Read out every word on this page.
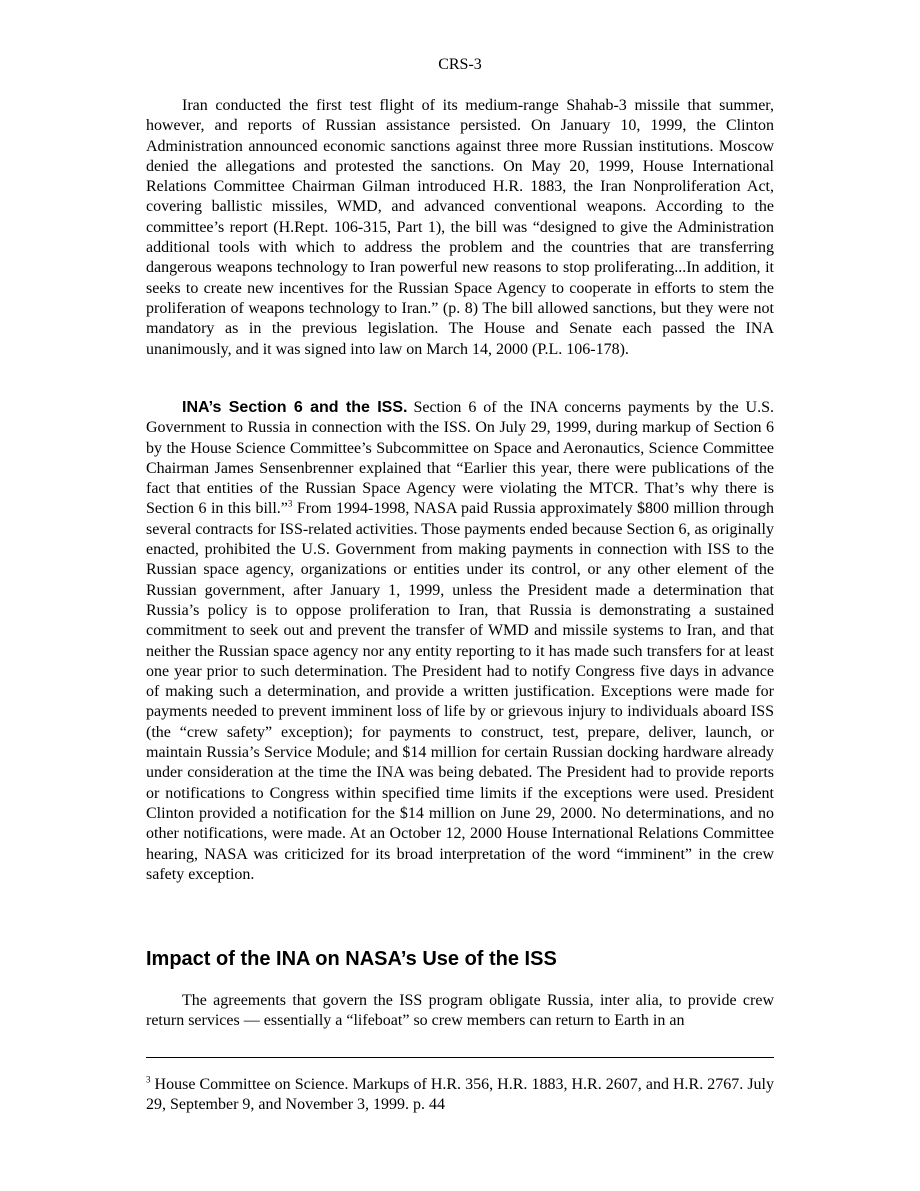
CRS-3

Iran conducted the first test flight of its medium-range Shahab-3 missile that summer, however, and reports of Russian assistance persisted. On January 10, 1999, the Clinton Administration announced economic sanctions against three more Russian institutions. Moscow denied the allegations and protested the sanctions. On May 20, 1999, House International Relations Committee Chairman Gilman introduced H.R. 1883, the Iran Nonproliferation Act, covering ballistic missiles, WMD, and advanced conventional weapons. According to the committee’s report (H.Rept. 106-315, Part 1), the bill was “designed to give the Administration additional tools with which to address the problem and the countries that are transferring dangerous weapons technology to Iran powerful new reasons to stop proliferating...In addition, it seeks to create new incentives for the Russian Space Agency to cooperate in efforts to stem the proliferation of weapons technology to Iran.” (p. 8) The bill allowed sanctions, but they were not mandatory as in the previous legislation. The House and Senate each passed the INA unanimously, and it was signed into law on March 14, 2000 (P.L. 106-178).

INA’s Section 6 and the ISS. Section 6 of the INA concerns payments by the U.S. Government to Russia in connection with the ISS. On July 29, 1999, during markup of Section 6 by the House Science Committee’s Subcommittee on Space and Aeronautics, Science Committee Chairman James Sensenbrenner explained that “Earlier this year, there were publications of the fact that entities of the Russian Space Agency were violating the MTCR. That’s why there is Section 6 in this bill.”$^3$ From 1994-1998, NASA paid Russia approximately $800 million through several contracts for ISS-related activities. Those payments ended because Section 6, as originally enacted, prohibited the U.S. Government from making payments in connection with ISS to the Russian space agency, organizations or entities under its control, or any other element of the Russian government, after January 1, 1999, unless the President made a determination that Russia’s policy is to oppose proliferation to Iran, that Russia is demonstrating a sustained commitment to seek out and prevent the transfer of WMD and missile systems to Iran, and that neither the Russian space agency nor any entity reporting to it has made such transfers for at least one year prior to such determination. The President had to notify Congress five days in advance of making such a determination, and provide a written justification. Exceptions were made for payments needed to prevent imminent loss of life by or grievous injury to individuals aboard ISS (the “crew safety” exception); for payments to construct, test, prepare, deliver, launch, or maintain Russia’s Service Module; and $14 million for certain Russian docking hardware already under consideration at the time the INA was being debated. The President had to provide reports or notifications to Congress within specified time limits if the exceptions were used. President Clinton provided a notification for the $14 million on June 29, 2000. No determinations, and no other notifications, were made. At an October 12, 2000 House International Relations Committee hearing, NASA was criticized for its broad interpretation of the word “imminent” in the crew safety exception.

Impact of the INA on NASA’s Use of the ISS

The agreements that govern the ISS program obligate Russia, inter alia, to provide crew return services — essentially a “lifeboat” so crew members can return to Earth in an

$^3$ House Committee on Science. Markups of H.R. 356, H.R. 1883, H.R. 2607, and H.R. 2767. July 29, September 9, and November 3, 1999. p. 44
